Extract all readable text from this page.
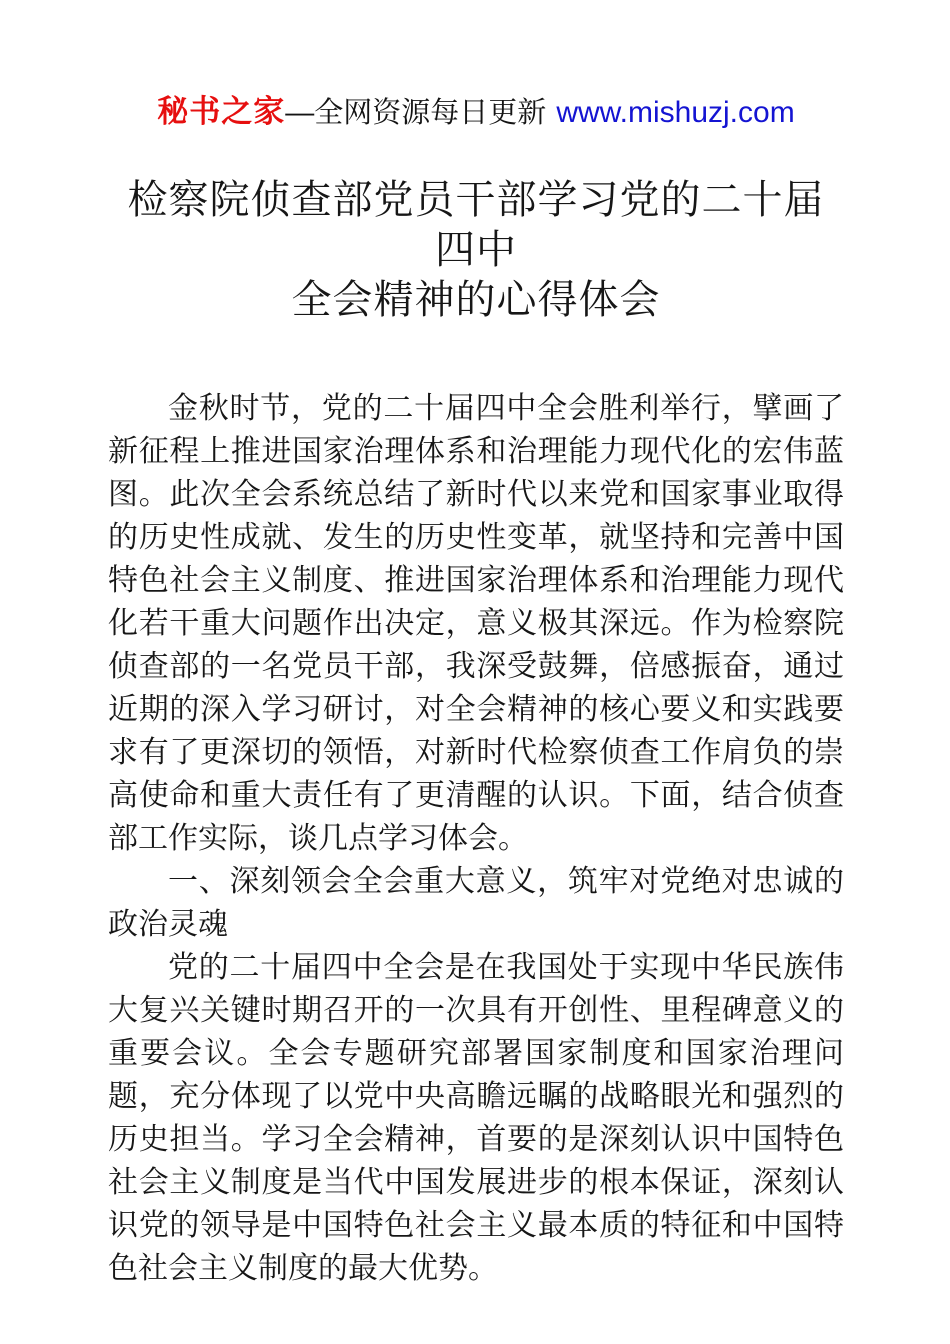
秘书之家 —全网资源每日更新 www.mishuzj.com
检察院侦查部党员干部学习党的二十届四中
全会精神的心得体会

金秋时节，党的二十届四中全会胜利举行，擘画了新征程上推进国家治理体系和治理能力现代化的宏伟蓝图。此次全会系统总结了新时代以来党和国家事业取得的历史性成就、发生的历史性变革，就坚持和完善中国特色社会主义制度、推进国家治理体系和治理能力现代化若干重大问题作出决定，意义极其深远。作为检察院侦查部的一名党员干部，我深受鼓舞，倍感振奋，通过近期的深入学习研讨，对全会精神的核心要义和实践要求有了更深切的领悟，对新时代检察侦查工作肩负的崇高使命和重大责任有了更清醒的认识。下面，结合侦查部工作实际，谈几点学习体会。

一、深刻领会全会重大意义，筑牢对党绝对忠诚的政治灵魂

党的二十届四中全会是在我国处于实现中华民族伟大复兴关键时期召开的一次具有开创性、里程碑意义的重要会议。全会专题研究部署国家制度和国家治理问题，充分体现了以党中央高瞻远瞩的战略眼光和强烈的历史担当。学习全会精神，首要的是深刻认识中国特色社会主义制度是当代中国发展进步的根本保证，深刻认识党的领导是中国特色社会主义最本质的特征和中国特色社会主义制度的最大优势。
